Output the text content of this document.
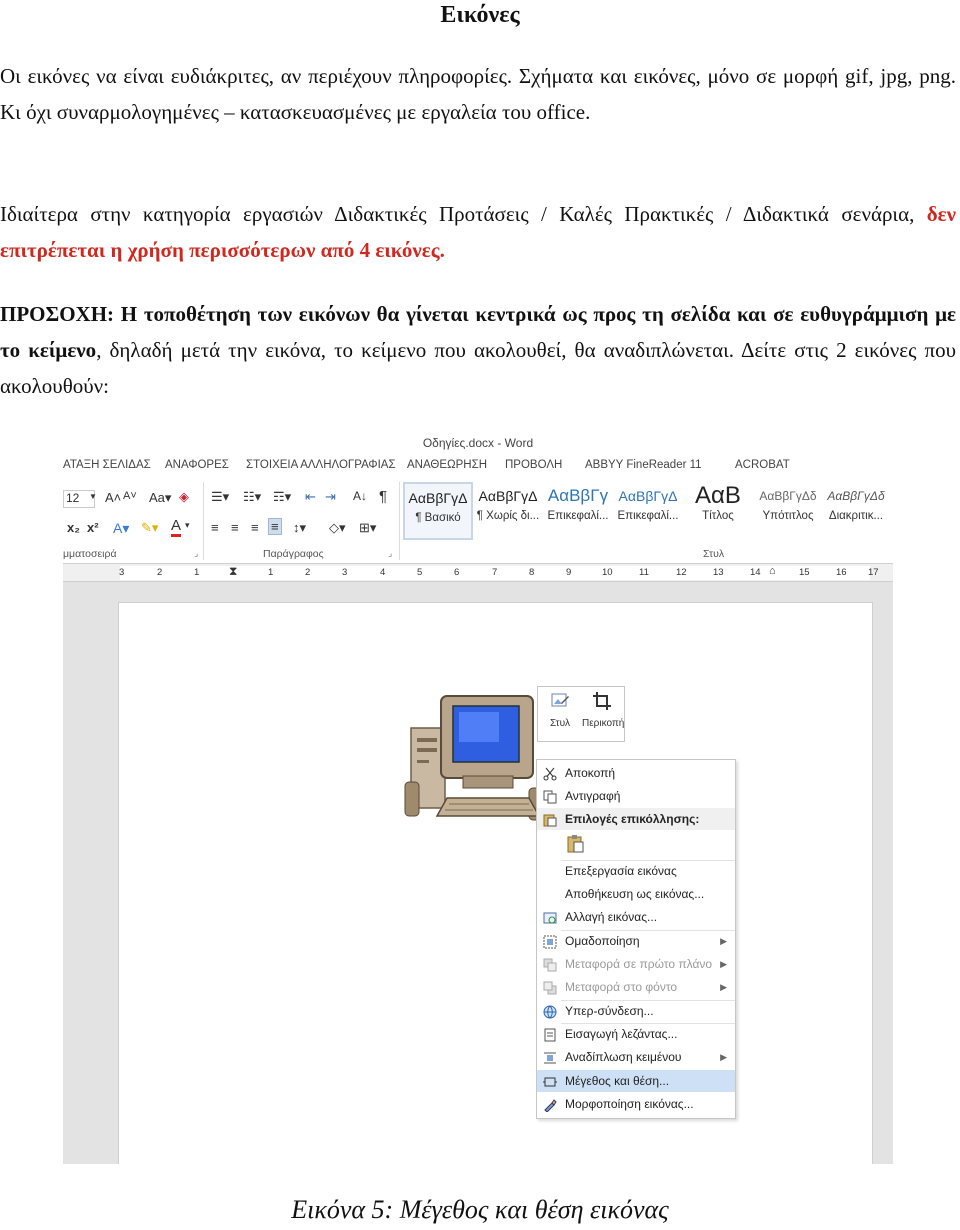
Εικόνες
Οι εικόνες να είναι ευδιάκριτες, αν περιέχουν πληροφορίες. Σχήματα και εικόνες, μόνο σε μορφή gif, jpg, png. Κι όχι συναρμολογημένες – κατασκευασμένες με εργαλεία του office.
Ιδιαίτερα στην κατηγορία εργασιών Διδακτικές Προτάσεις / Καλές Πρακτικές / Διδακτικά σενάρια, δεν επιτρέπεται η χρήση περισσότερων από 4 εικόνες.
ΠΡΟΣΟΧΗ: Η τοποθέτηση των εικόνων θα γίνεται κεντρικά ως προς τη σελίδα και σε ευθυγράμμιση με το κείμενο, δηλαδή μετά την εικόνα, το κείμενο που ακολουθεί, θα αναδιπλώνεται. Δείτε στις 2 εικόνες που ακολουθούν:
Οδηγίες.docx - Word
ΑΤΑΞΗ ΣΕΛΙΔΑΣ ΑΝΑΦΟΡΕΣ ΣΤΟΙΧΕΙΑ ΑΛΛΗΛΟΓΡΑΦΙΑΣ ΑΝΑΘΕΩΡΗΣΗ ΠΡΟΒΟΛΗ ABBYY FineReader 11	ACROBAT
12	▼ A˄ A˅ Aa▾ ◈
x₂ x² A▾ ✎▾ A ▾
μματοσειρά	⌟
☰▾ ☷▾ ☶▾ ⇤ ⇥ A↓ ¶
≡ ≡ ≡ ≡ ↕▾ ◇▾ ⊞▾
Παράγραφος	⌟
ΑαΒβΓγΔ
¶ Βασικό
ΑαΒβΓγΔ
¶ Χωρίς δι...
ΑαΒβΓγ
Επικεφαλί...
ΑαΒβΓγΔ
Επικεφαλί...
ΑαΒ
Τίτλος
ΑαΒβΓγΔδ
Υπότιτλος
ΑαΒβΓγΔδ
Διακριτικ...
Στυλ
3	2	1 ⧗	1	2	3	4	5	6	7	8	9	10	11	12	13	14 ⌂ 15	16 17
Στυλ	Περικοπή
Αποκοπή
Αντιγραφή
Επιλογές επικόλλησης:
Επεξεργασία εικόνας
Αποθήκευση ως εικόνας...
Αλλαγή εικόνας...
Ομαδοποίηση	▶
Μεταφορά σε πρώτο πλάνο ▶
Μεταφορά στο φόντο	▶
Υπερ-σύνδεση...
Εισαγωγή λεζάντας...
Αναδίπλωση κειμένου	▶
Μέγεθος και θέση...
Μορφοποίηση εικόνας...
Εικόνα 5: Μέγεθος και θέση εικόνας
